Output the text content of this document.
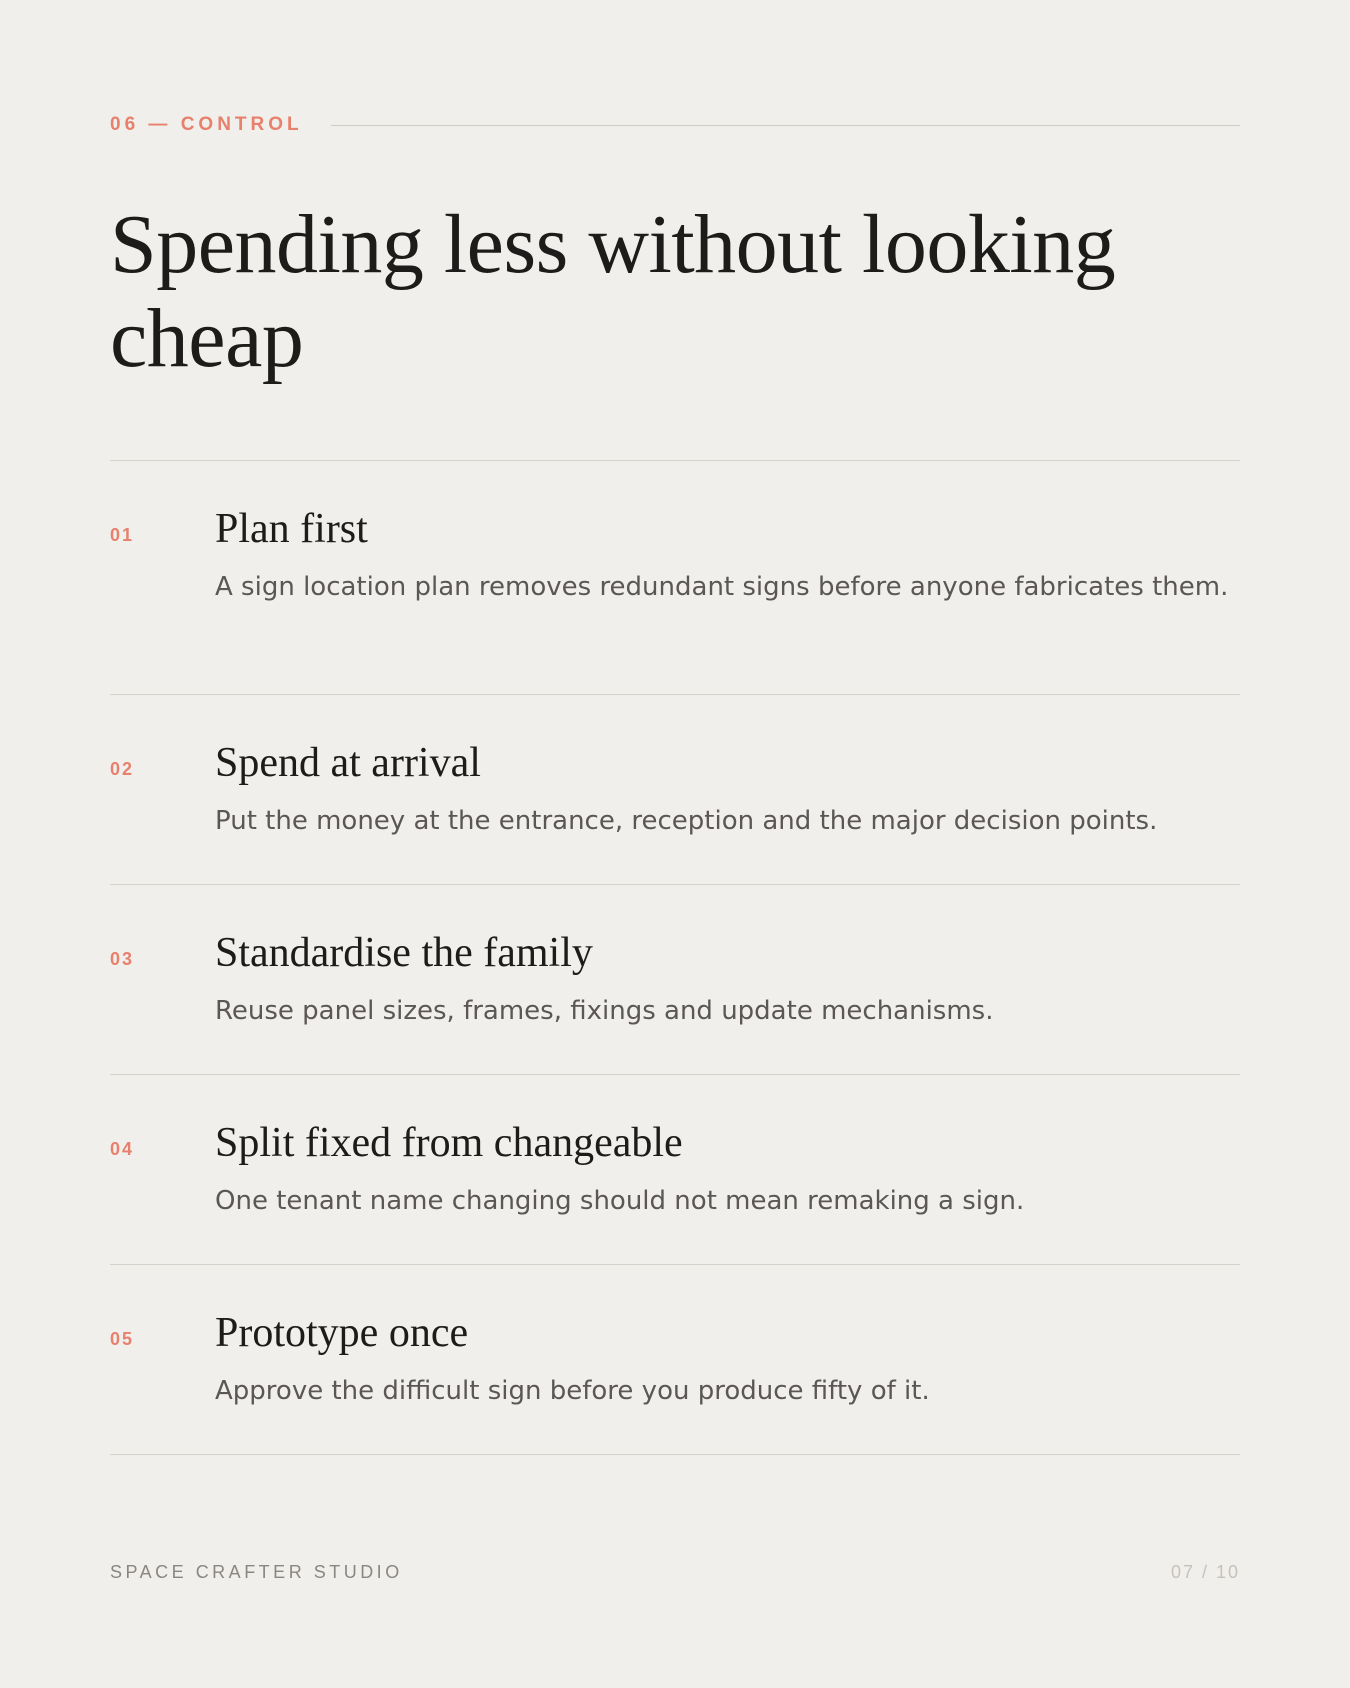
06 — CONTROL
Spending less without looking cheap
01 Plan first

A sign location plan removes redundant signs before anyone fabricates them.

02 Spend at arrival

Put the money at the entrance, reception and the major decision points.

03 Standardise the family

Reuse panel sizes, frames, fixings and update mechanisms.

04 Split fixed from changeable

One tenant name changing should not mean remaking a sign.

05 Prototype once

Approve the difficult sign before you produce fifty of it.

SPACE CRAFTER STUDIO	07 / 10
